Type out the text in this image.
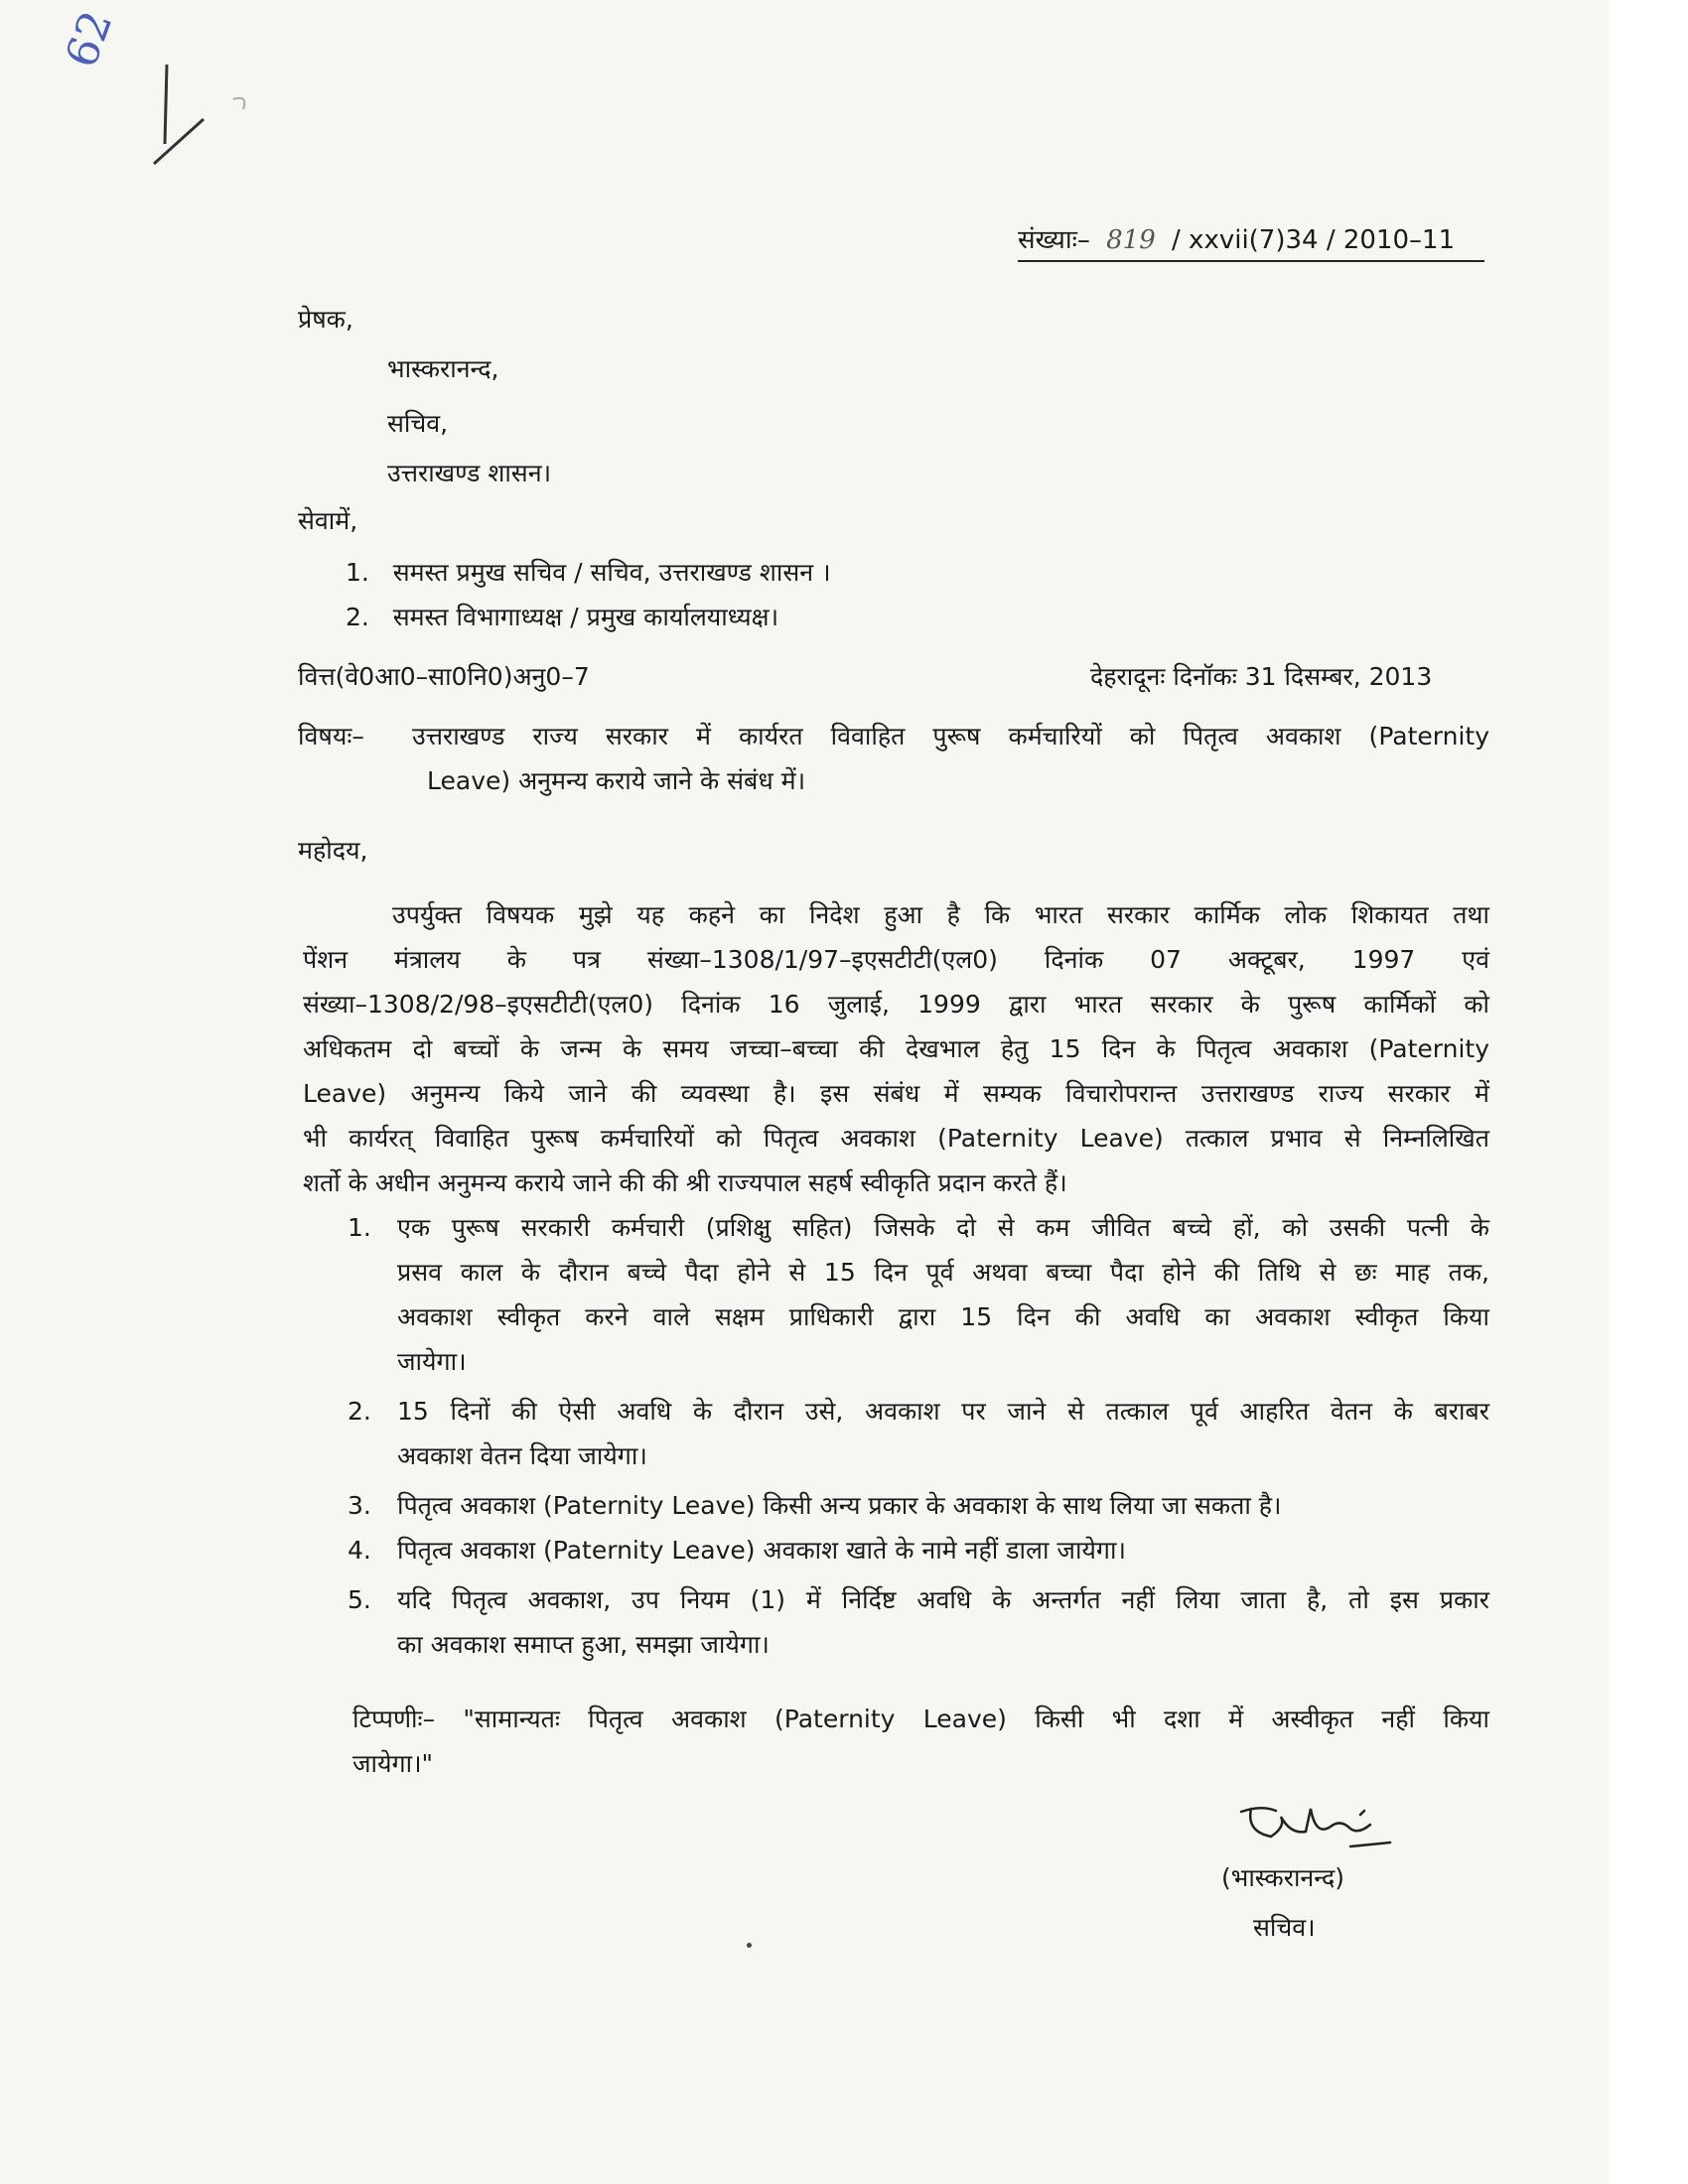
62
संख्याः– 819 / xxvii(7)34 / 2010–11
प्रेषक,
भास्करानन्द,
सचिव,
उत्तराखण्ड शासन।
सेवामें,
1. समस्त प्रमुख सचिव / सचिव, उत्तराखण्ड शासन ।
2. समस्त विभागाध्यक्ष / प्रमुख कार्यालयाध्यक्ष।
वित्त(वे0आ0–सा0नि0)अनु0–7	देहरादूनः दिनॉकः 31 दिसम्बर, 2013
विषयः– उत्तराखण्ड राज्य सरकार में कार्यरत विवाहित पुरूष कर्मचारियों को पितृत्व अवकाश (Paternity
Leave) अनुमन्य कराये जाने के संबंध में।
महोदय,
उपर्युक्त विषयक मुझे यह कहने का निदेश हुआ है कि भारत सरकार कार्मिक लोक शिकायत तथा
पेंशन मंत्रालय के पत्र संख्या–1308/1/97–इएसटीटी(एल0) दिनांक 07 अक्टूबर, 1997 एवं
संख्या–1308/2/98–इएसटीटी(एल0) दिनांक 16 जुलाई, 1999 द्वारा भारत सरकार के पुरूष कार्मिकों को
अधिकतम दो बच्चों के जन्म के समय जच्चा–बच्चा की देखभाल हेतु 15 दिन के पितृत्व अवकाश (Paternity
Leave) अनुमन्य किये जाने की व्यवस्था है। इस संबंध में सम्यक विचारोपरान्त उत्तराखण्ड राज्य सरकार में
भी कार्यरत् विवाहित पुरूष कर्मचारियों को पितृत्व अवकाश (Paternity Leave) तत्काल प्रभाव से निम्नलिखित
शर्तो के अधीन अनुमन्य कराये जाने की की श्री राज्यपाल सहर्ष स्वीकृति प्रदान करते हैं।
1. एक पुरूष सरकारी कर्मचारी (प्रशिक्षु सहित) जिसके दो से कम जीवित बच्चे हों, को उसकी पत्नी के
प्रसव काल के दौरान बच्चे पैदा होने से 15 दिन पूर्व अथवा बच्चा पैदा होने की तिथि से छः माह तक,
अवकाश स्वीकृत करने वाले सक्षम प्राधिकारी द्वारा 15 दिन की अवधि का अवकाश स्वीकृत किया
जायेगा।
2. 15 दिनों की ऐसी अवधि के दौरान उसे, अवकाश पर जाने से तत्काल पूर्व आहरित वेतन के बराबर
अवकाश वेतन दिया जायेगा।
3. पितृत्व अवकाश (Paternity Leave) किसी अन्य प्रकार के अवकाश के साथ लिया जा सकता है।
4. पितृत्व अवकाश (Paternity Leave) अवकाश खाते के नामे नहीं डाला जायेगा।
5. यदि पितृत्व अवकाश, उप नियम (1) में निर्दिष्ट अवधि के अन्तर्गत नहीं लिया जाता है, तो इस प्रकार
का अवकाश समाप्त हुआ, समझा जायेगा।
टिप्पणीः– "सामान्यतः पितृत्व अवकाश (Paternity Leave) किसी भी दशा में अस्वीकृत नहीं किया
जायेगा।"
(भास्करानन्द)
सचिव।
